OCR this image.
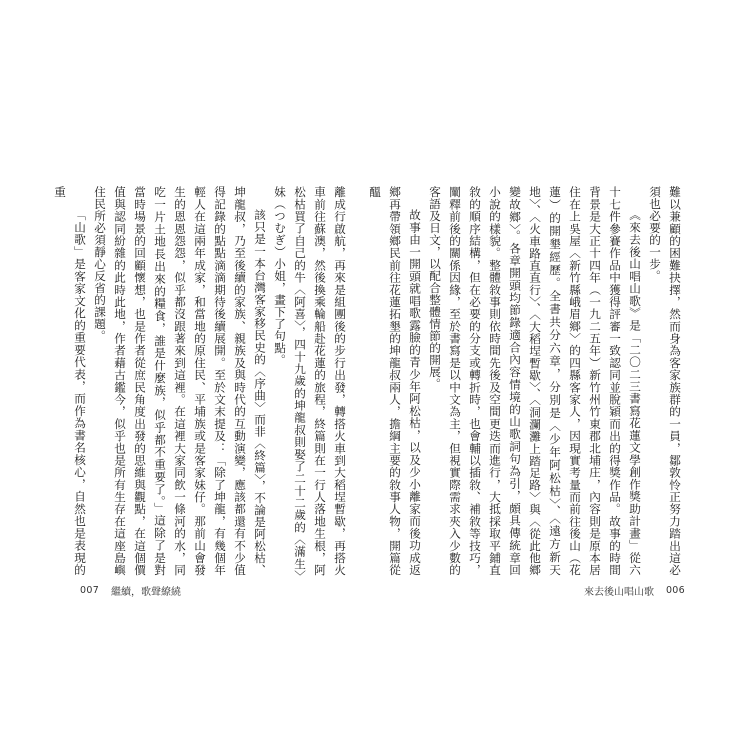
離成行啟航，再來是組團後的步行出發，轉搭火車到大稻埕暫歇，再搭火車前往蘇澳，然後換乘輪船赴花蓮的旅程，終篇則在一行人落地生根，阿松枯買了自己的牛〈阿喜〉，四十九歲的坤龍叔則娶了二十二歲的〈滿生〉　妹（つむぎ）小姐，畫下了句點。

該只是一本台灣客家移民史的〈序曲〉而非〈終篇〉，不論是阿松枯、坤龍叔，乃至後續的家族、親族及與時代的互動演變，應該都還有不少值得記錄的點點滴滴期待後續展開。至於文末提及：「除了坤龍，有幾個年輕人在這兩年成家，和當地的原住民、平埔族或是客家妹仔。那前山會發生的恩恩怨怨，似乎都沒跟著來到這裡。在這裡大家同飲一條河的水，同吃一片土地長出來的糧食，誰是什麼族，似乎都不重要了。」這除了是對當時場景的回顧懷想，也是作者從庶民角度出發的思維與觀點，在這個價值與認同紛雜的此時此地，作者藉古鑑今，似乎也是所有生存在這座島嶼住民所必須靜心反省的課題。

「山歌」是客家文化的重要代表，而作為書名核心，自然也是表現的重

007 繼續，歌聲繚繞

難以兼顧的困難抉擇，然而身為客家族群的一員，鄒敦怜正努力踏出這必須也必要的一步。

《來去後山唱山歌》是「二〇二三書寫花蓮文學創作獎助計畫」從六十七件參賽作品中獲得評審一致認同並脫穎而出的得獎作品。故事的時間背景是大正十四年（一九二五年）新竹州竹東郡北埔庄，內容則是原本居住在上吳屋〈新竹縣峨眉鄉〉的四縣客家人，因現實考量而前往後山（花蓮）的開墾經歷。全書共分六章，分別是〈少年阿松枯〉、〈遠方新天地〉、〈火車路直直行〉、〈大稻埕暫歇〉、〈洞瀾灘上踏足路〉與〈從此他鄉變故鄉〉。各章開頭均節錄適合內容情境的山歌詞句為引，頗具傳統章回小說的樣貌。整體敘事則依時間先後及空間更迭而進行，大抵採取平鋪直敘的順序結構，但在必要的分支或轉折時，也會輔以插敘、補敘等技巧，闡釋前後的關係因緣，至於書寫是以中文為主，但視實際需求夾入少數的客語及日文，以配合整體情節的開展。

故事由一開頭就唱歌露臉的青少年阿松枯，以及少小離家而後功成返鄉再帶領鄉民前往花蓮拓墾的坤龍叔兩人，擔綱主要的敘事人物，開篇從醞

來去後山唱山歌 006
